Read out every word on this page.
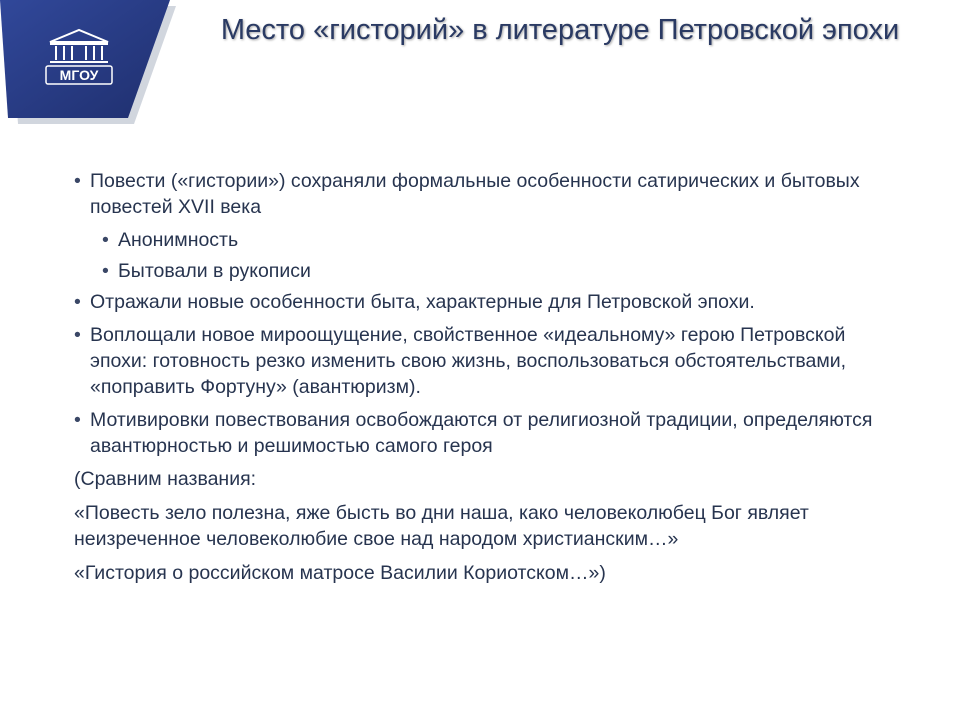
МГОУ
Место «гисторий» в литературе Петровской эпохи
• Повести («гистории») сохраняли формальные особенности сатирических и бытовых повестей XVII века
• Анонимность
• Бытовали в рукописи
• Отражали новые особенности быта, характерные для Петровской эпохи.
• Воплощали новое мироощущение, свойственное «идеальному» герою Петровской эпохи: готовность резко изменить свою жизнь, воспользоваться обстоятельствами, «поправить Фортуну» (авантюризм).
• Мотивировки повествования освобождаются от религиозной традиции, определяются авантюрностью и решимостью самого героя
(Сравним названия:
«Повесть зело полезна, яже бысть во дни наша, како человеколюбец Бог являет неизреченное человеколюбие свое над народом христианским…»
«Гистория о российском матросе Василии Кориотском…»)
